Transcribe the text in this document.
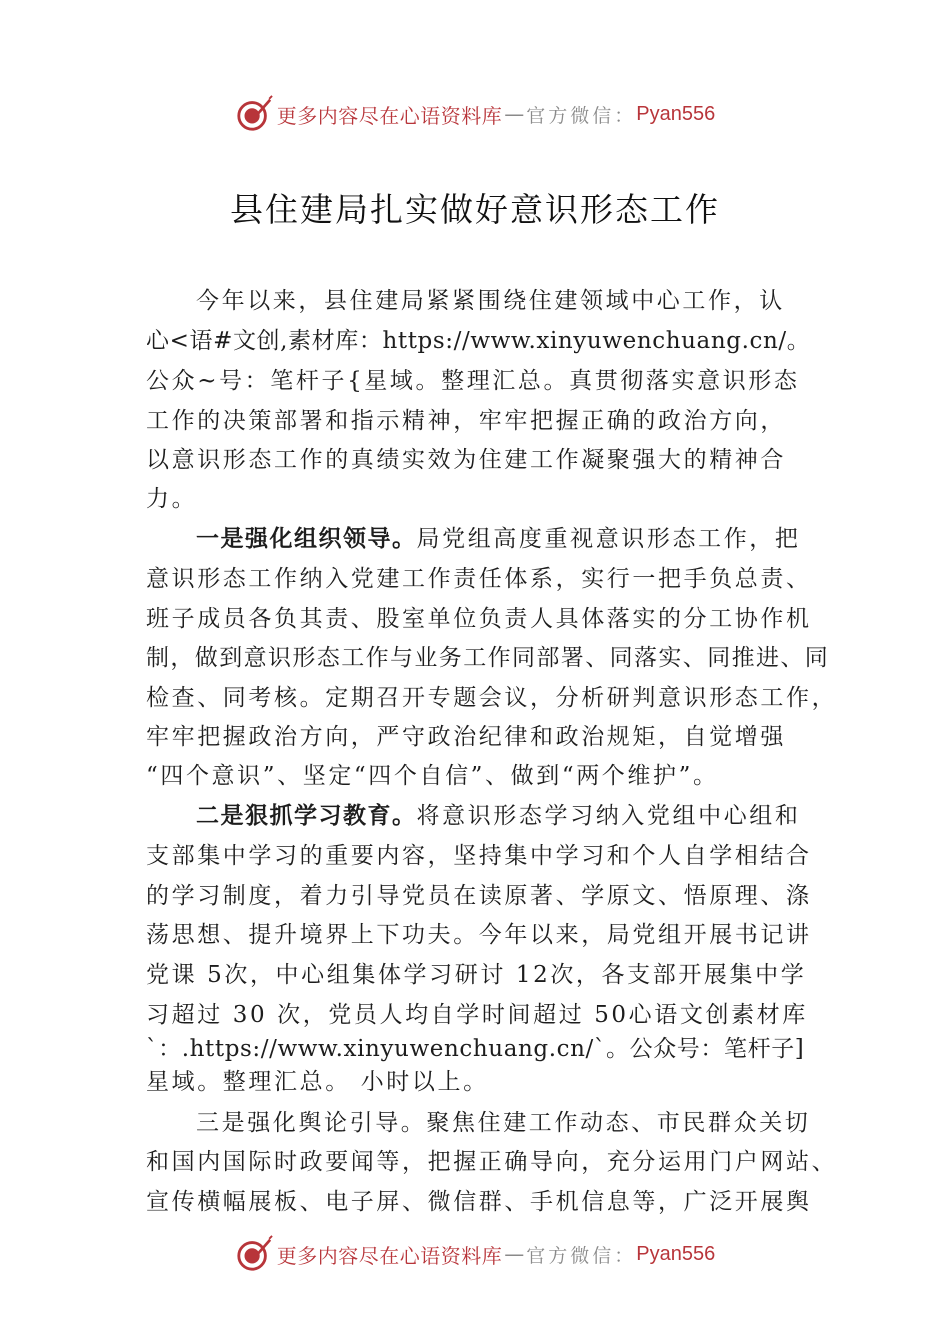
更多内容尽在心语资料库 — 官方微信： Pyan556
县住建局扎实做好意识形态工作
今年以来，县住建局紧紧围绕住建领域中心工作，认
心<语#文创,素材库：https://www.xinyuwenchuang.cn/。
公众~号：笔杆子{星域。整理汇总。真贯彻落实意识形态
工作的决策部署和指示精神，牢牢把握正确的政治方向，
以意识形态工作的真绩实效为住建工作凝聚强大的精神合
力。
一是强化组织领导。局党组高度重视意识形态工作，把
意识形态工作纳入党建工作责任体系，实行一把手负总责、
班子成员各负其责、股室单位负责人具体落实的分工协作机
制，做到意识形态工作与业务工作同部署、同落实、同推进、同
检查、同考核。定期召开专题会议，分析研判意识形态工作，
牢牢把握政治方向，严守政治纪律和政治规矩，自觉增强
“四个意识”、坚定“四个自信”、做到“两个维护”。
二是狠抓学习教育。将意识形态学习纳入党组中心组和
支部集中学习的重要内容，坚持集中学习和个人自学相结合
的学习制度，着力引导党员在读原著、学原文、悟原理、涤
荡思想、提升境界上下功夫。今年以来，局党组开展书记讲
党课 5次，中心组集体学习研讨 12次，各支部开展集中学
习超过 30 次，党员人均自学时间超过 50心语文创素材库
`：.https://www.xinyuwenchuang.cn/`。公众号：笔杆子]
星域。整理汇总。 小时以上。
三是强化舆论引导。聚焦住建工作动态、市民群众关切
和国内国际时政要闻等，把握正确导向，充分运用门户网站、
宣传横幅展板、电子屏、微信群、手机信息等，广泛开展舆
更多内容尽在心语资料库 — 官方微信： Pyan556
